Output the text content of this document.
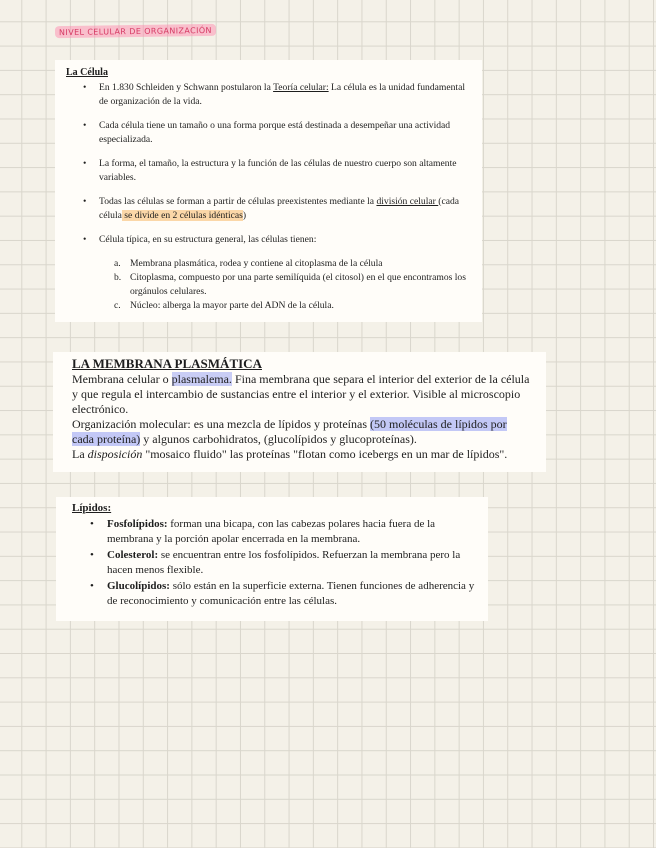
NIVEL CELULAR DE ORGANIZACIÓN
La Célula
• En 1.830 Schleiden y Schwann postularon la Teoría celular: La célula es la unidad fundamental de organización de la vida.
• Cada célula tiene un tamaño o una forma porque está destinada a desempeñar una actividad especializada.
• La forma, el tamaño, la estructura y la función de las células de nuestro cuerpo son altamente variables.
• Todas las células se forman a partir de células preexistentes mediante la división celular (cada célula se divide en 2 células idénticas)
• Célula típica, en su estructura general, las células tienen:
a. Membrana plasmática, rodea y contiene al citoplasma de la célula
b. Citoplasma, compuesto por una parte semilíquida (el citosol) en el que encontramos los orgánulos celulares.
c. Núcleo: alberga la mayor parte del ADN de la célula.
LA MEMBRANA PLASMÁTICA

Membrana celular o plasmalema. Fina membrana que separa el interior del exterior de la célula y que regula el intercambio de sustancias entre el interior y el exterior. Visible al microscopio electrónico.

Organización molecular: es una mezcla de lípidos y proteínas (50 moléculas de lípidos por cada proteína) y algunos carbohidratos, (glucolípidos y glucoproteínas).

La disposición "mosaico fluido" las proteínas "flotan como icebergs en un mar de lípidos".

Lípidos:
• Fosfolípidos: forman una bicapa, con las cabezas polares hacia fuera de la membrana y la porción apolar encerrada en la membrana.
• Colesterol: se encuentran entre los fosfolípidos. Refuerzan la membrana pero la hacen menos flexible.
• Glucolípidos: sólo están en la superficie externa. Tienen funciones de adherencia y de reconocimiento y comunicación entre las células.
